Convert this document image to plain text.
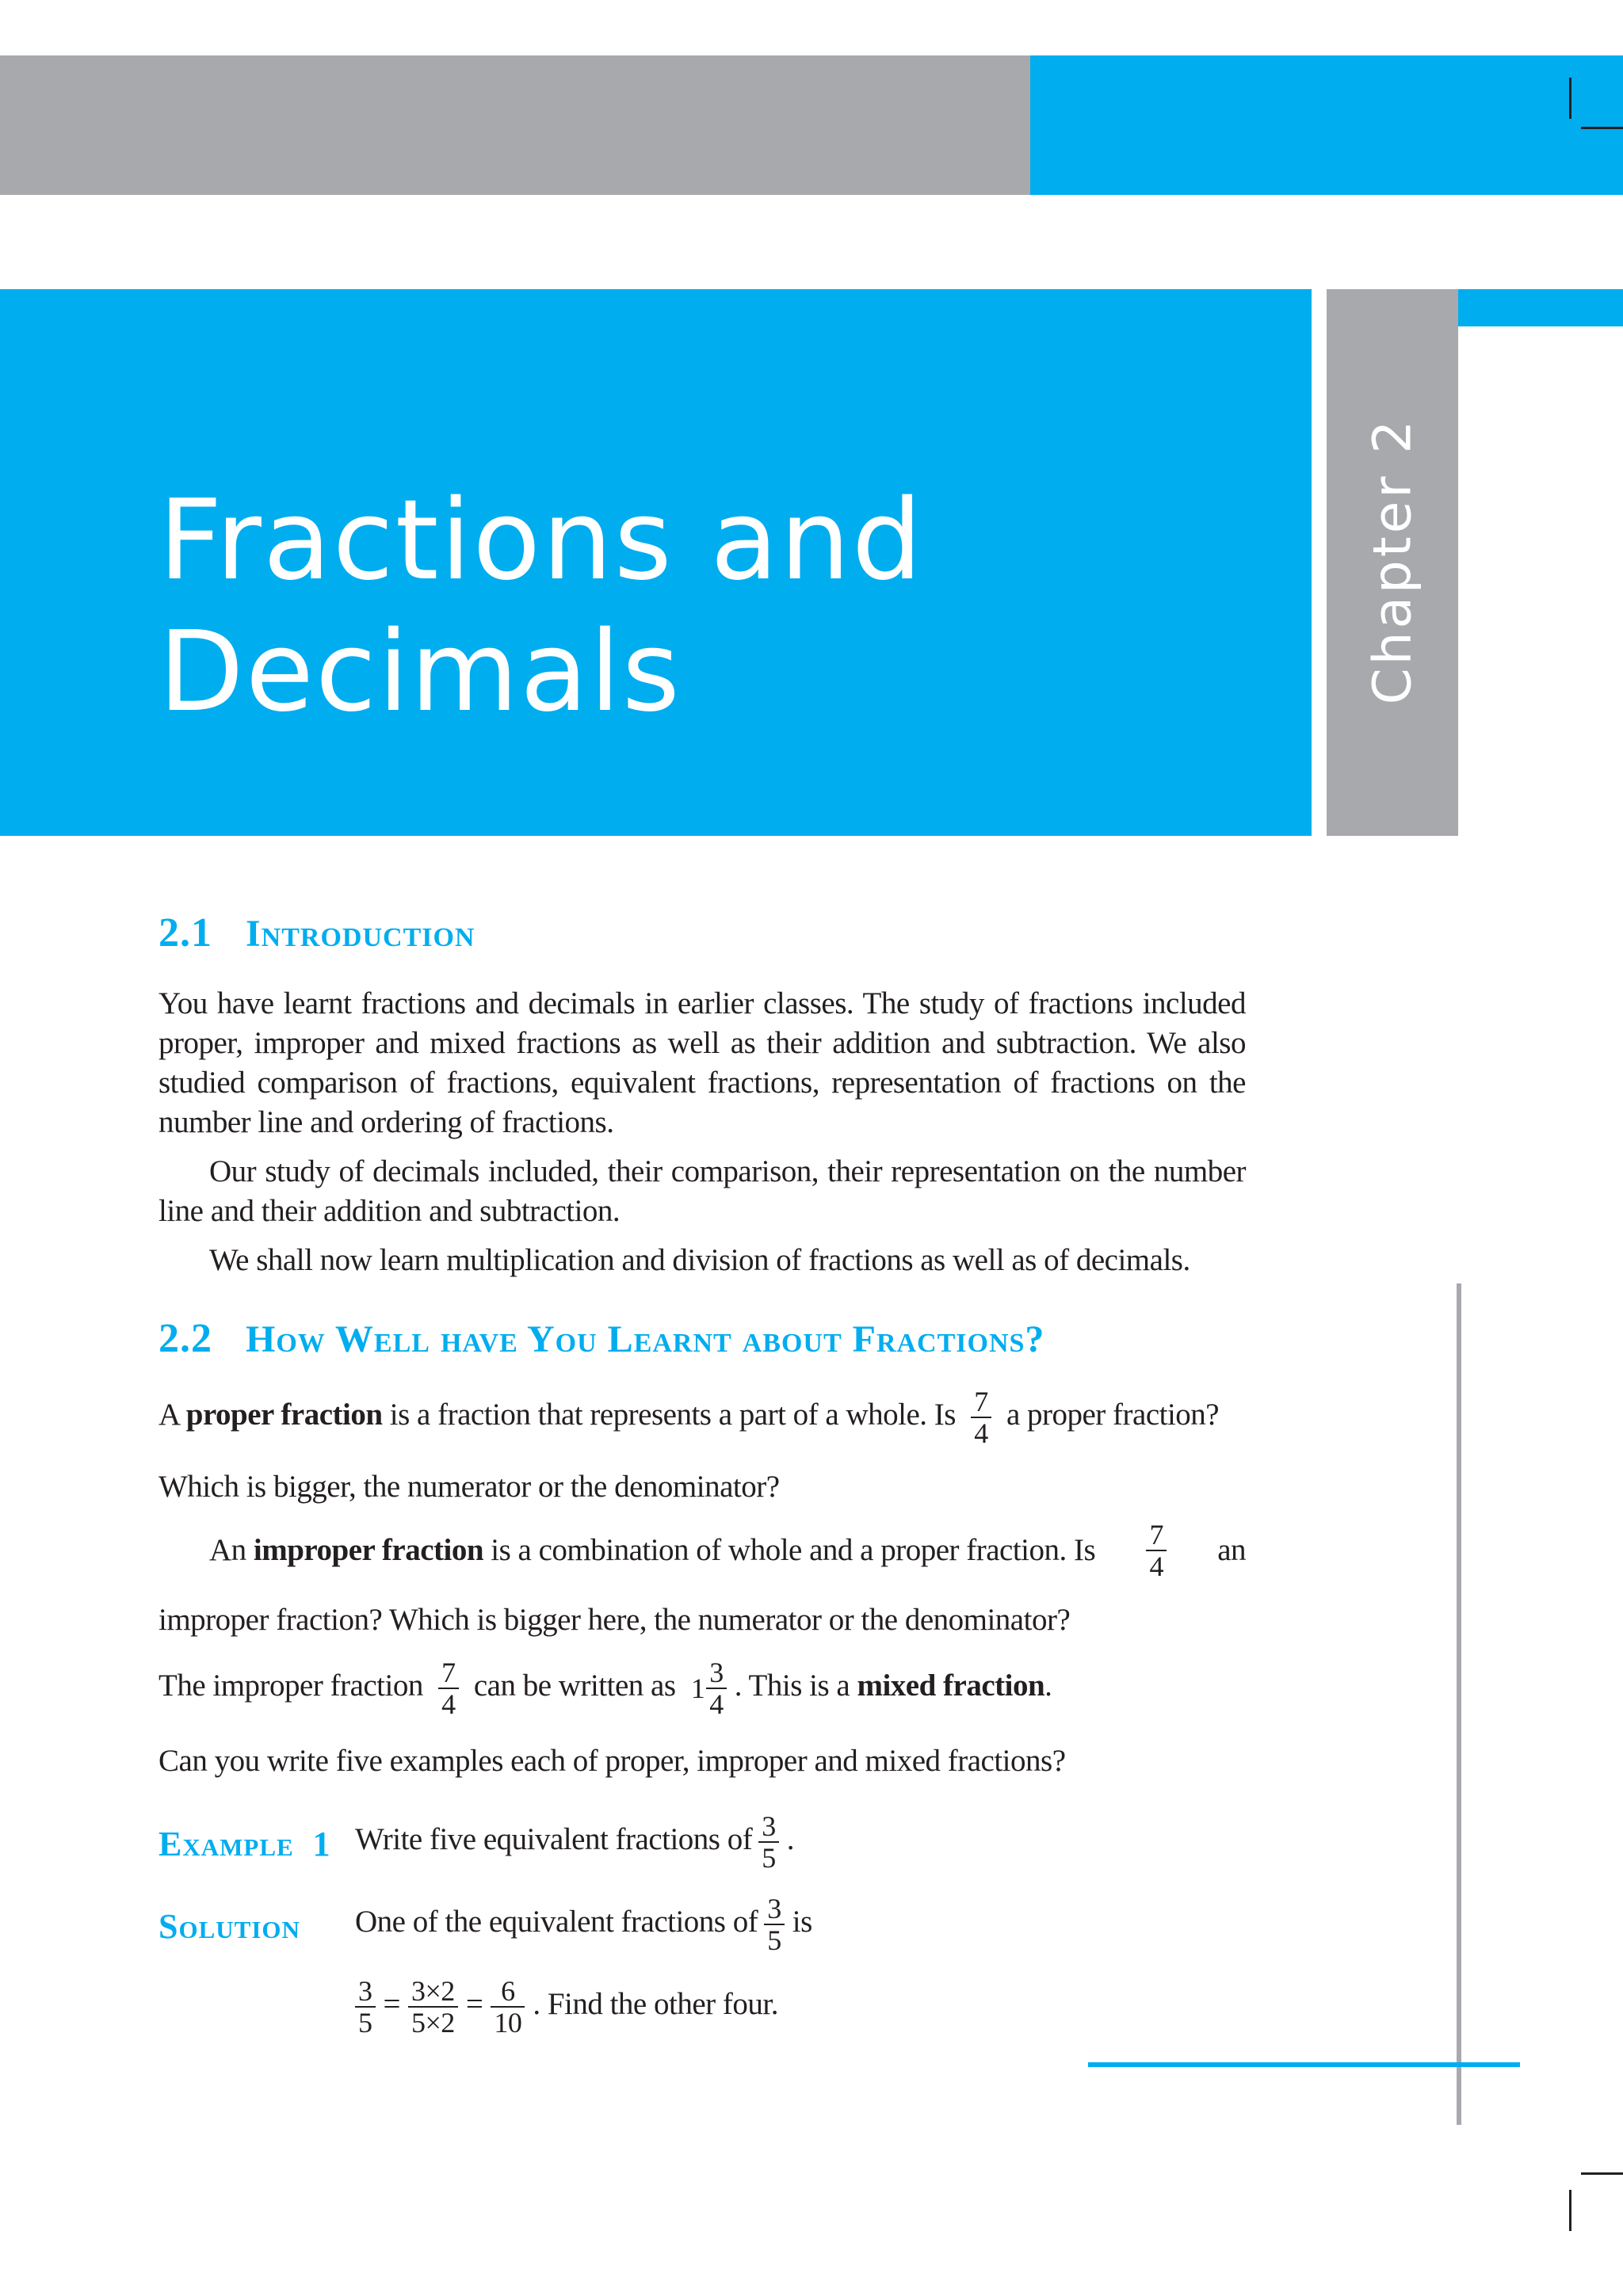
Chapter 2
Fractions and
Decimals
2.1 Introduction
You have learnt fractions and decimals in earlier classes. The study of fractions included proper, improper and mixed fractions as well as their addition and subtraction. We also studied comparison of fractions, equivalent fractions, representation of fractions on the number line and ordering of fractions.
Our study of decimals included, their comparison, their representation on the number line and their addition and subtraction.
We shall now learn multiplication and division of fractions as well as of decimals.
2.2 How Well have You Learnt about Fractions?
A proper fraction is a fraction that represents a part of a whole. Is $\frac{7}{4}$ a proper fraction?
Which is bigger, the numerator or the denominator?
An improper fraction is a combination of whole and a proper fraction. Is $\frac{7}{4}$ an
improper fraction? Which is bigger here, the numerator or the denominator?
The improper fraction $\frac{7}{4}$ can be written as $1 \frac{3}{4}$ . This is a mixed fraction.
Can you write five examples each of proper, improper and mixed fractions?
Example 1 Write five equivalent fractions of $\frac{3}{5}$ .
Solution One of the equivalent fractions of $\frac{3}{5}$ is
$\frac{3}{5} = \frac{3\times 2}{5\times 2} = \frac{6}{10}$ . Find the other four.
